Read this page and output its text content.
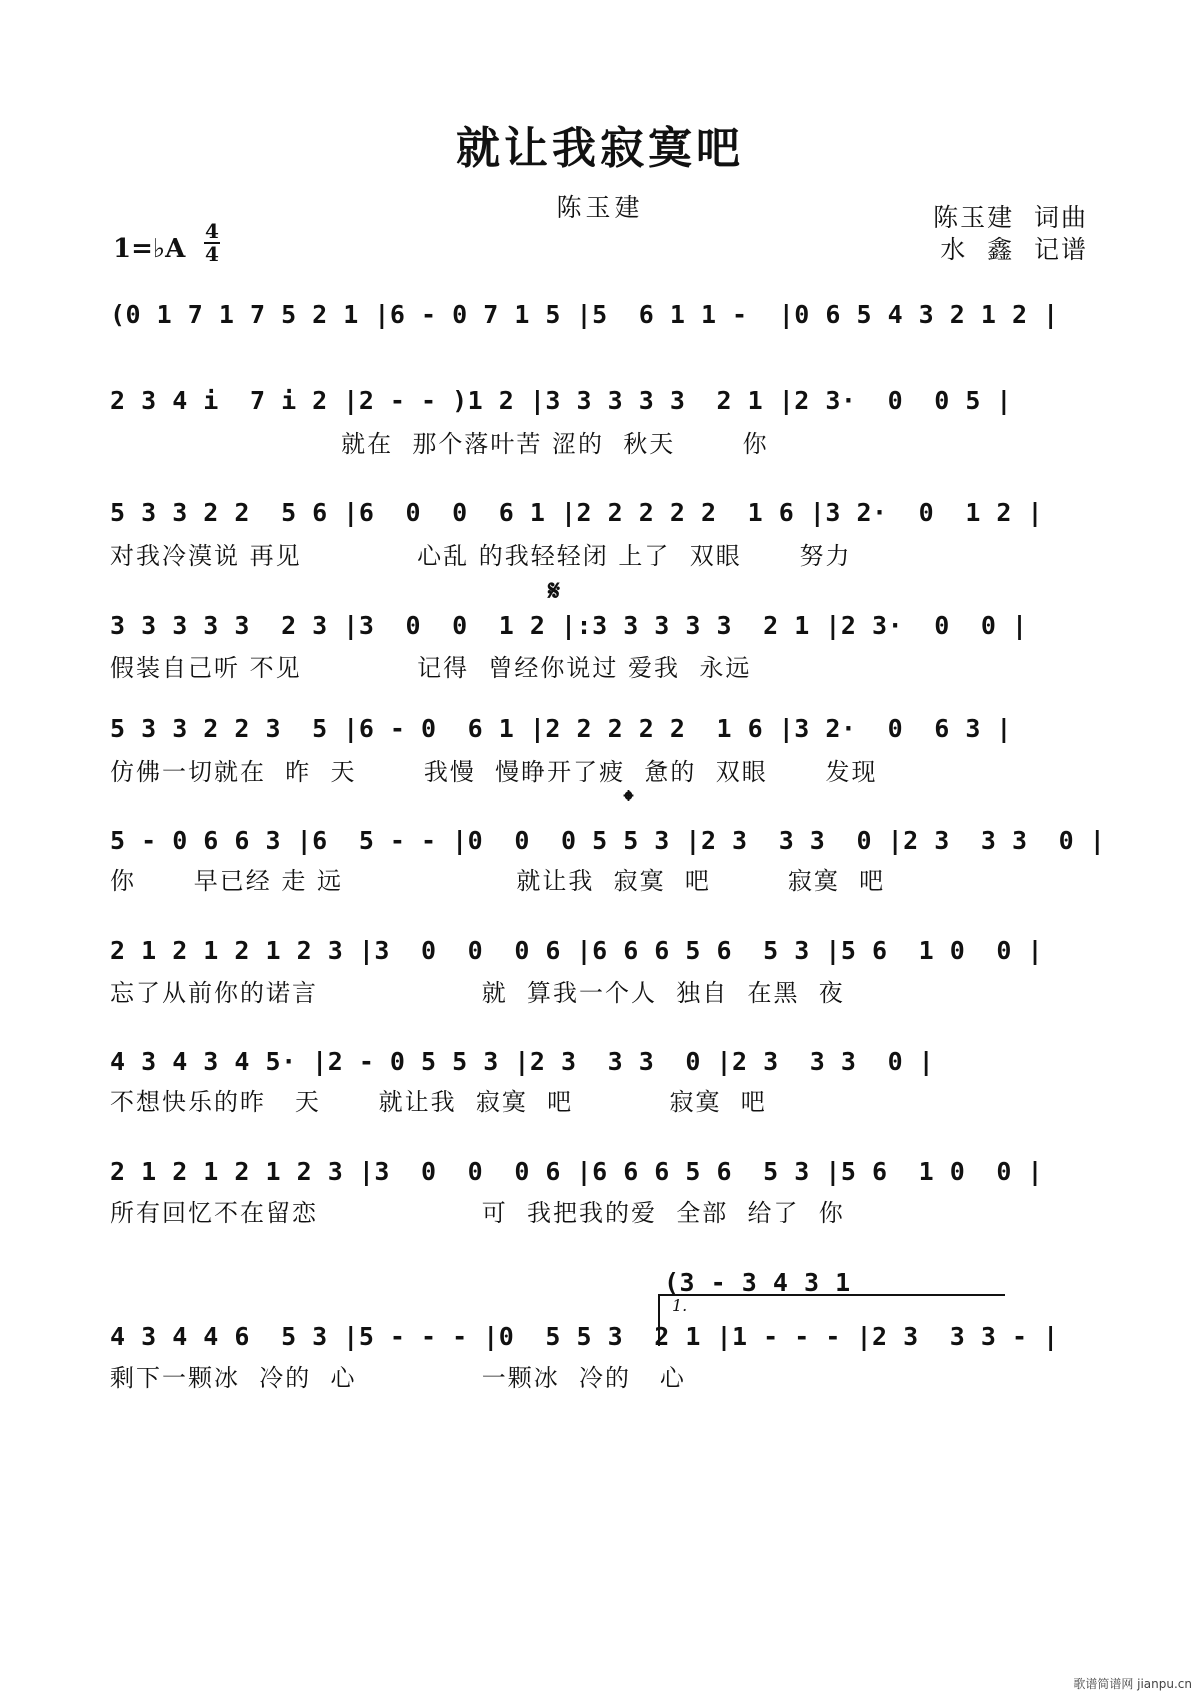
就让我寂寞吧
陈玉建	陈玉建  词曲
水  鑫  记谱
1=♭A
4
4
(0 1 7 1 7 5 2 1 |6 - 0 7 1 5 |5  6 1 1 -  |0 6 5 4 3 2 1 2 |
2 3 4 i  7 i 2 |2 - - )1 2 |3 3 3 3 3  2 1 |2 3·  0  0 5 |
就在  那个落叶苦 涩的  秋天       你
5 3 3 2 2  5 6 |6  0  0  6 1 |2 2 2 2 2  1 6 |3 2·  0  1 2 |
对我冷漠说 再见            心乱 的我轻轻闭 上了  双眼      努力
𝄋
3 3 3 3 3  2 3 |3  0  0  1 2 |:3 3 3 3 3  2 1 |2 3·  0  0 |
假装自己听 不见            记得  曾经你说过 爱我  永远
5 3 3 2 2 3  5 |6 - 0  6 1 |2 2 2 2 2  1 6 |3 2·  0  6 3 |
仿佛一切就在  昨  天       我慢  慢睁开了疲  惫的  双眼      发现
𝄌
5 - 0 6 6 3 |6  5 - - |0  0  0 5 5 3 |2 3  3 3  0 |2 3  3 3  0 |
你      早已经 走 远                  就让我  寂寞  吧        寂寞  吧
2 1 2 1 2 1 2 3 |3  0  0  0 6 |6 6 6 5 6  5 3 |5 6  1 0  0 |
忘了从前你的诺言                 就  算我一个人  独自  在黑  夜
4 3 4 3 4 5· |2 - 0 5 5 3 |2 3  3 3  0 |2 3  3 3  0 |
不想快乐的昨   天      就让我  寂寞  吧          寂寞  吧
2 1 2 1 2 1 2 3 |3  0  0  0 6 |6 6 6 5 6  5 3 |5 6  1 0  0 |
所有回忆不在留恋                 可  我把我的爱  全部  给了  你
(3 - 3 4 3 1
1.
4 3 4 4 6  5 3 |5 - - - |0  5 5 3  2 1 |1 - - - |2 3  3 3 - |
剩下一颗冰  冷的  心             一颗冰  冷的   心
歌谱简谱网 jianpu.cn
